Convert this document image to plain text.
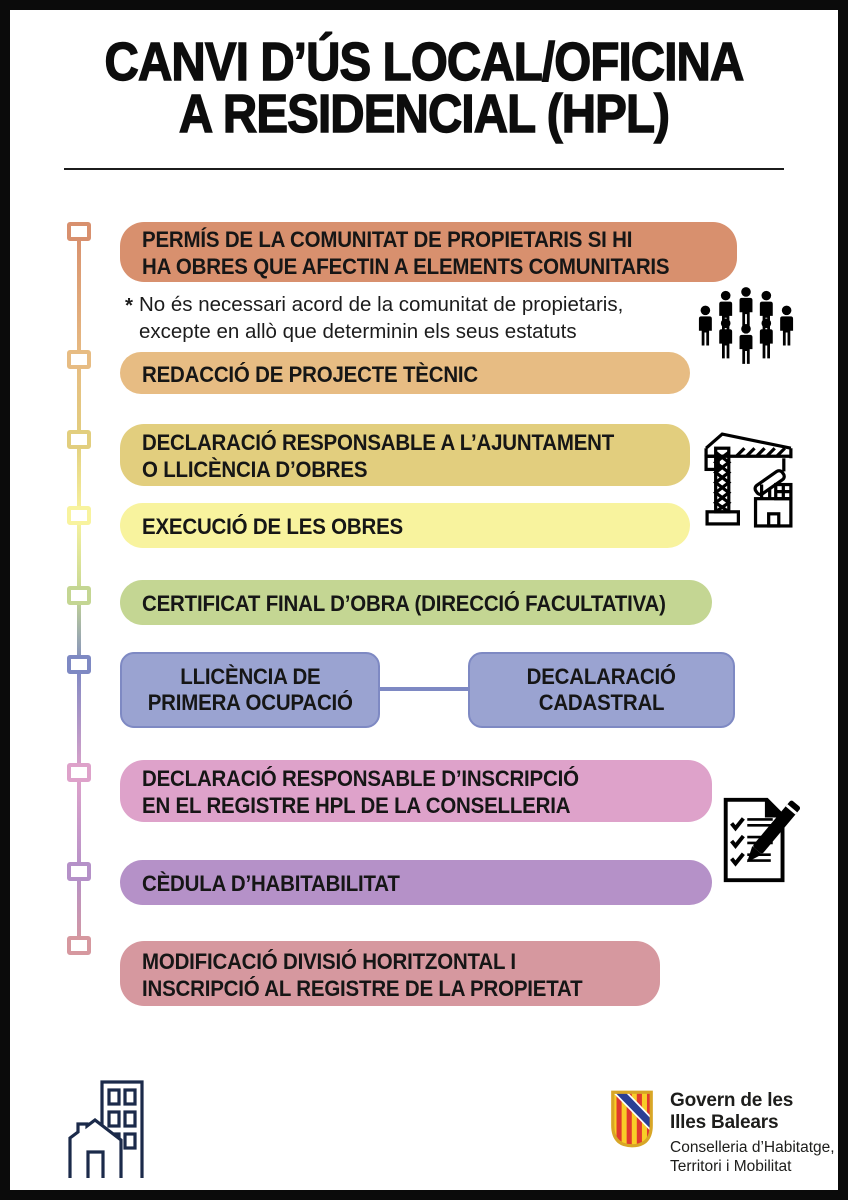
CANVI D’ÚS LOCAL/OFICINA
A RESIDENCIAL (HPL)
PERMÍS DE LA COMUNITAT DE PROPIETARIS SI HI
HA OBRES QUE AFECTIN A ELEMENTS COMUNITARIS
* No és necessari acord de la comunitat de propietaris,
excepte en allò que determinin els seus estatuts
REDACCIÓ DE PROJECTE TÈCNIC
DECLARACIÓ RESPONSABLE A L’AJUNTAMENT
O LLICÈNCIA D’OBRES
EXECUCIÓ DE LES OBRES
CERTIFICAT FINAL D’OBRA (DIRECCIÓ FACULTATIVA)
LLICÈNCIA DE
PRIMERA OCUPACIÓ
DECALARACIÓ
CADASTRAL
DECLARACIÓ RESPONSABLE D’INSCRIPCIÓ
EN EL REGISTRE HPL DE LA CONSELLERIA
CÈDULA D’HABITABILITAT
MODIFICACIÓ DIVISIÓ HORITZONTAL I
INSCRIPCIÓ AL REGISTRE DE LA PROPIETAT
Govern de les
Illes Balears
Conselleria d’Habitatge,
Territori i Mobilitat
